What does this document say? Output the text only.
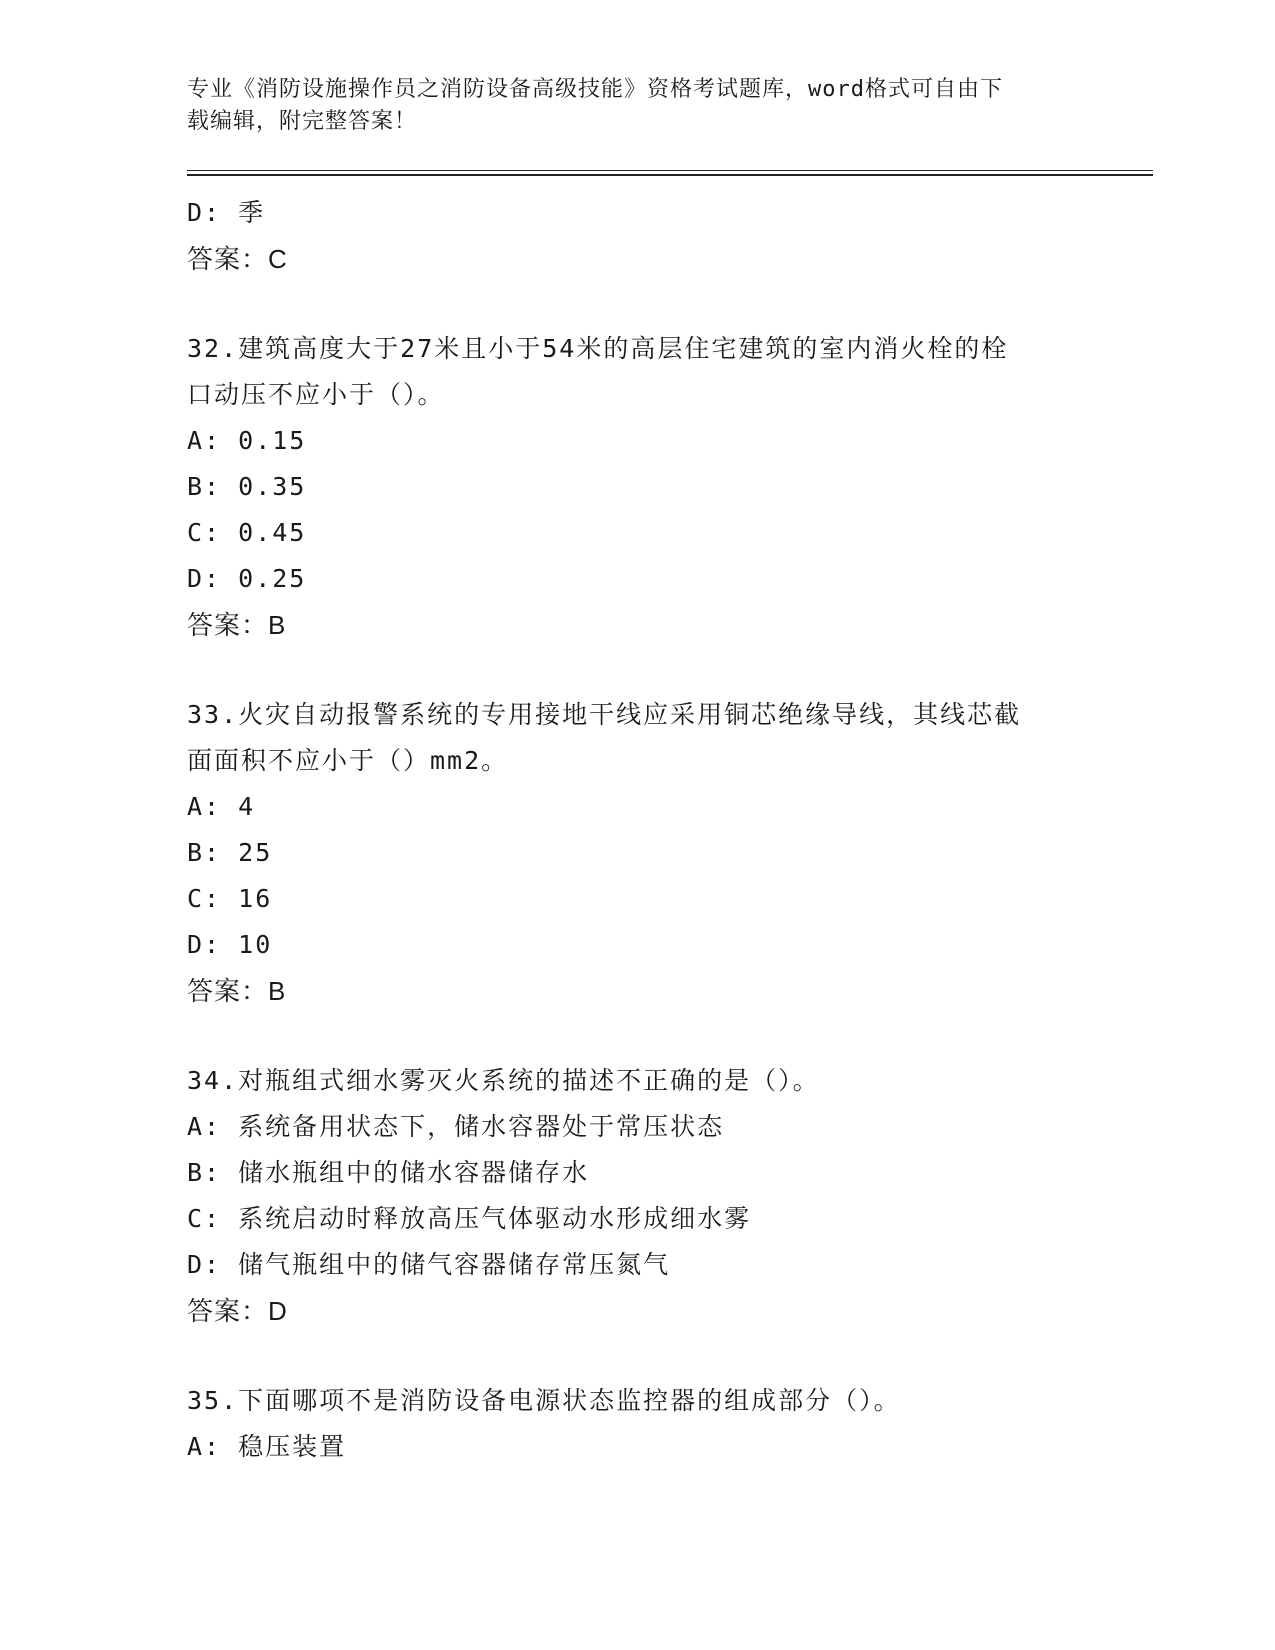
专业《消防设施操作员之消防设备高级技能》资格考试题库，word格式可自由下
载编辑，附完整答案！
D: 季
答案：C
32.建筑高度大于27米且小于54米的高层住宅建筑的室内消火栓的栓
口动压不应小于（）。
A: 0.15
B: 0.35
C: 0.45
D: 0.25
答案：B
33.火灾自动报警系统的专用接地干线应采用铜芯绝缘导线，其线芯截
面面积不应小于（）mm2。
A: 4
B: 25
C: 16
D: 10
答案：B
34.对瓶组式细水雾灭火系统的描述不正确的是（）。
A: 系统备用状态下，储水容器处于常压状态
B: 储水瓶组中的储水容器储存水
C: 系统启动时释放高压气体驱动水形成细水雾
D: 储气瓶组中的储气容器储存常压氮气
答案：D
35.下面哪项不是消防设备电源状态监控器的组成部分（）。
A: 稳压装置
